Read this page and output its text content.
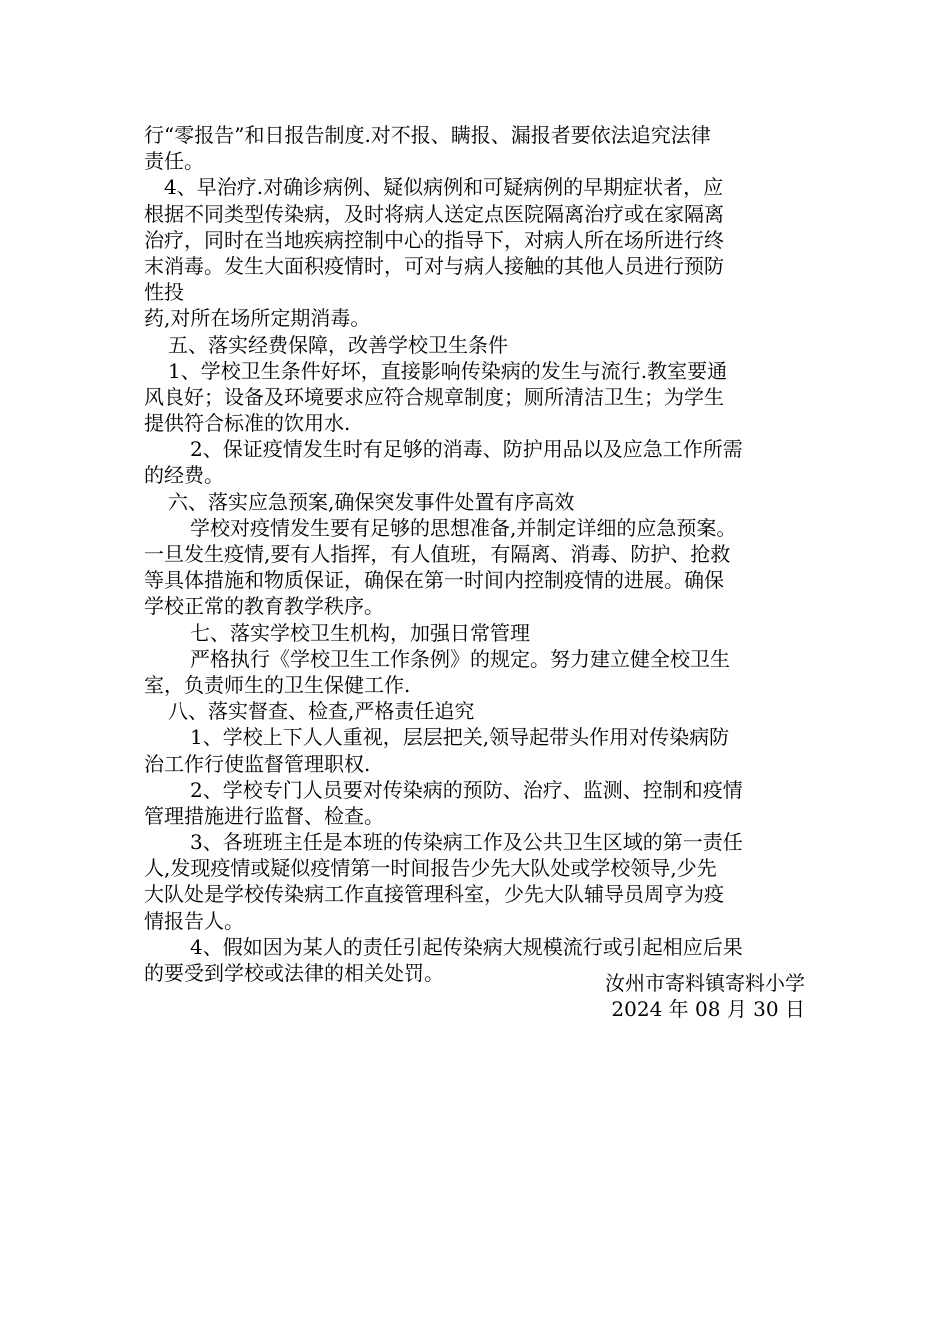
行“零报告”和日报告制度.对不报、瞒报、漏报者要依法追究法律
责任。
4、早治疗.对确诊病例、疑似病例和可疑病例的早期症状者，应
根据不同类型传染病，及时将病人送定点医院隔离治疗或在家隔离
治疗，同时在当地疾病控制中心的指导下，对病人所在场所进行终
末消毒。发生大面积疫情时，可对与病人接触的其他人员进行预防
性投
药,对所在场所定期消毒。
五、落实经费保障，改善学校卫生条件
1、学校卫生条件好坏，直接影响传染病的发生与流行.教室要通
风良好；设备及环境要求应符合规章制度；厕所清洁卫生；为学生
提供符合标准的饮用水.
2、保证疫情发生时有足够的消毒、防护用品以及应急工作所需
的经费。
六、落实应急预案,确保突发事件处置有序高效
学校对疫情发生要有足够的思想准备,并制定详细的应急预案。
一旦发生疫情,要有人指挥，有人值班，有隔离、消毒、防护、抢救
等具体措施和物质保证，确保在第一时间内控制疫情的进展。确保
学校正常的教育教学秩序。
七、落实学校卫生机构，加强日常管理
严格执行《学校卫生工作条例》的规定。努力建立健全校卫生
室，负责师生的卫生保健工作.
八、落实督查、检查,严格责任追究
1、学校上下人人重视，层层把关,领导起带头作用对传染病防
治工作行使监督管理职权.
2、学校专门人员要对传染病的预防、治疗、监测、控制和疫情
管理措施进行监督、检查。
3、各班班主任是本班的传染病工作及公共卫生区域的第一责任
人,发现疫情或疑似疫情第一时间报告少先大队处或学校领导,少先
大队处是学校传染病工作直接管理科室，少先大队辅导员周亨为疫
情报告人。
4、假如因为某人的责任引起传染病大规模流行或引起相应后果
的要受到学校或法律的相关处罚。	汝州市寄料镇寄料小学
2024 年 08 月 30 日
